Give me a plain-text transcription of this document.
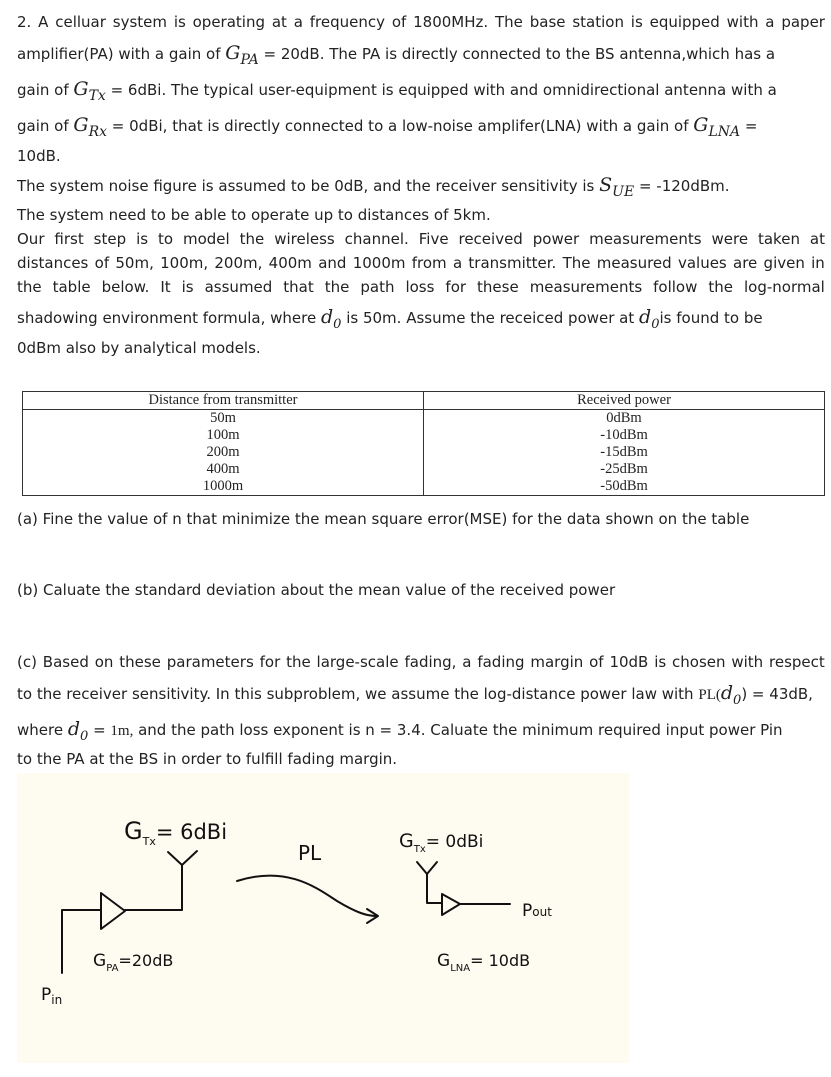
2. A celluar system is operating at a frequency of 1800MHz. The base station is equipped with a paper
amplifier(PA) with a gain of $G_{PA} = 20dB$. The PA is directly connected to the BS antenna,which has a
gain of $G_{Tx} = 6dBi$. The typical user-equipment is equipped with and omnidirectional antenna with a
gain of $G_{Rx} = 0dBi$, that is directly connected to a low-noise amplifer(LNA) with a gain of $G_{LNA}$ =
10dB.
The system noise figure is assumed to be 0dB, and the receiver sensitivity is $S_{UE} = -120dBm$.
The system need to be able to operate up to distances of 5km.
Our first step is to model the wireless channel. Five received power measurements were taken at
distances of 50m, 100m, 200m, 400m and 1000m from a transmitter. The measured values are given in
the table below. It is assumed that the path loss for these measurements follow the log-normal
shadowing environment formula, where $d_0$ is 50m. Assume the receiced power at $d_0is$ found to be
0dBm also by analytical models.
Distance from transmitter	Received power
50m	0dBm
100m	-10dBm
200m	-15dBm
400m	-25dBm
1000m	-50dBm
(a) Fine the value of n that minimize the mean square error(MSE) for the data shown on the table
(b) Caluate the standard deviation about the mean value of the received power
(c) Based on these parameters for the large-scale fading, a fading margin of 10dB is chosen with respect
to the receiver sensitivity. In this subproblem, we assume the log-distance power law with $PL(d_0) = 43dB$,
where $d_0 = 1m$, and the path loss exponent is n = 3.4. Caluate the minimum required input power Pin
to the PA at the BS in order to fulfill fading margin.
$G_{Tx}= 6dBi$
PL	$G_{Tx}= 0dBi$
$G_{PA}=20dB$	$G_{LNA}= 10dB$
Pout
$P_{in}$
